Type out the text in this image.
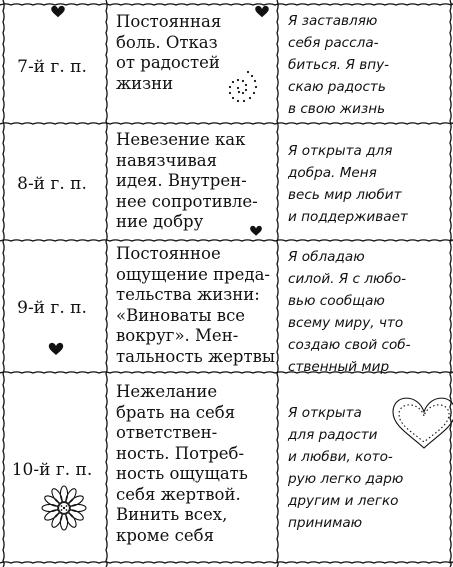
7-й г. п.
Постоянная
боль. Отказ
от радостей
жизни
Я заставляю
себя расслa-
биться. Я впу-
скаю радость
в свою жизнь
8-й г. п.
Невезение как
навязчивая
идея. Внутрен-
нее сопротивле-
ние добру
Я открыта для
добра. Меня
весь мир любит
и поддерживает
9-й г. п.
Постоянное
ощущение преда-
тельства жизни:
«Виноваты все
вокруг». Мен-
тальность жертвы
Я обладаю
силой. Я с любо-
вью сообщаю
всему миру, что
создаю свой соб-
ственный мир
10-й г. п.
Нежелание
брать на себя
ответствен-
ность. Потреб-
ность ощущать
себя жертвой.
Винить всех,
кроме себя
Я открыта
для радости
и любви, кото-
рую легко дарю
другим и легко
принимаю
